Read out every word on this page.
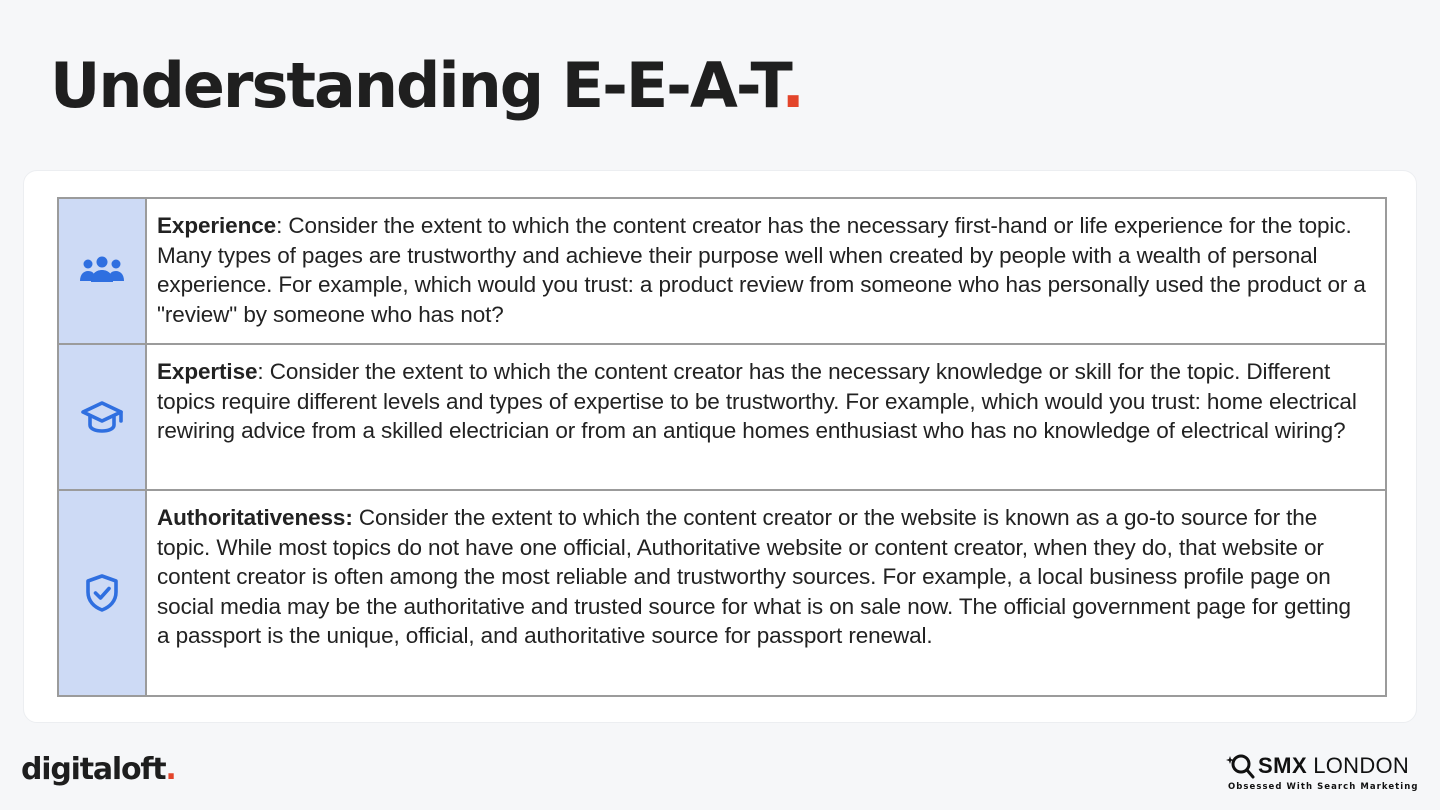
Understanding E-E-A-T.
	Experience: Consider the extent to which the content creator has the necessary first-hand or life experience for the topic. Many types of pages are trustworthy and achieve their purpose well when created by people with a wealth of personal experience. For example, which would you trust: a product review from someone who has personally used the product or a "review" by someone who has not?
	Expertise: Consider the extent to which the content creator has the necessary knowledge or skill for the topic. Different topics require different levels and types of expertise to be trustworthy. For example, which would you trust: home electrical rewiring advice from a skilled electrician or from an antique homes enthusiast who has no knowledge of electrical wiring?
	Authoritativeness: Consider the extent to which the content creator or the website is known as a go-to source for the topic. While most topics do not have one official, Authoritative website or content creator, when they do, that website or content creator is often among the most reliable and trustworthy sources. For example, a local business profile page on social media may be the authoritative and trusted source for what is on sale now. The official government page for getting a passport is the unique, official, and authoritative source for passport renewal.
digitaloft.	SMX LONDON
Obsessed With Search Marketing
